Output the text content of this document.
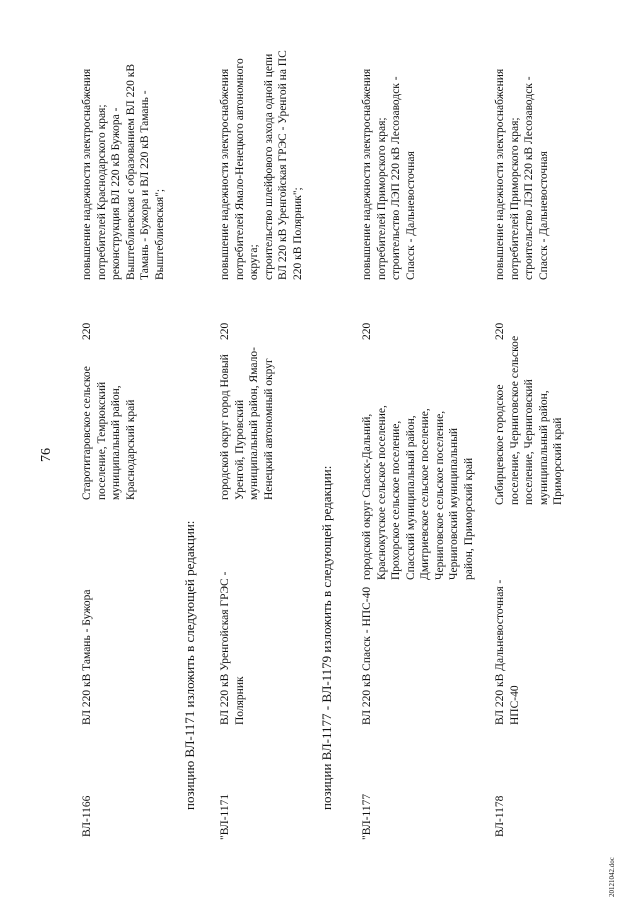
76
ВЛ-1166
ВЛ 220 кВ Тамань - Бужора
Старотитаровское сельское поселение, Темрюкский муниципальный район, Краснодарский край
220
повышение надежности электроснабжения потребителей Краснодарского края; реконструкция ВЛ 220 кВ Бужора - Выштеблиевская с образованием ВЛ 220 кВ Тамань - Бужора и ВЛ 220 кВ Тамань - Выштеблиевская";
позицию ВЛ-1171 изложить в следующей редакции:
"ВЛ-1171
ВЛ 220 кВ Уренгойская ГРЭС - Полярник
городской округ город Новый Уренгой, Пуровский муниципальный район, Ямало- Ненецкий автономный округ
220
повышение надежности электроснабжения потребителей Ямало-Ненецкого автономного округа; строительство шлейфового захода одной цепи ВЛ 220 кВ Уренгойская ГРЭС - Уренгой на ПС 220 кВ Полярник";
позиции ВЛ-1177 - ВЛ-1179 изложить в следующей редакции:
"ВЛ-1177
ВЛ 220 кВ Спасск - НПС-40
городской округ Спасск-Дальний, Краснокутское сельское поселение, Прохорское сельское поселение, Спасский муниципальный район, Дмитриевское сельское поселение, Черниговское сельское поселение, Черниговский муниципальный район, Приморский край
220
повышение надежности электроснабжения потребителей Приморского края; строительство ЛЭП 220 кВ Лесозаводск - Спасск - Дальневосточная
ВЛ-1178
ВЛ 220 кВ Дальневосточная - НПС-40
Сибирцевское городское поселение, Черниговское сельское поселение, Черниговский муниципальный район, Приморский край
220
повышение надежности электроснабжения потребителей Приморского края; строительство ЛЭП 220 кВ Лесозаводск - Спасск - Дальневосточная
20121042.doc
